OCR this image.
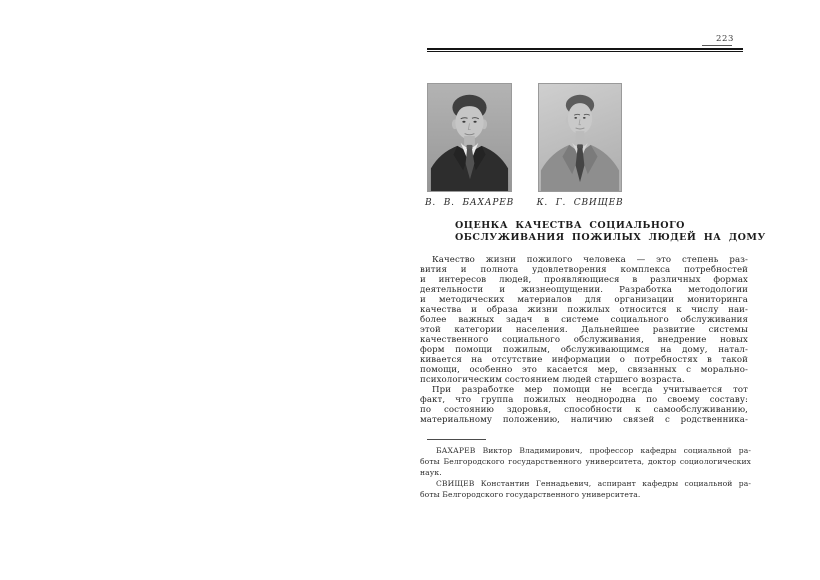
223
В. В. БАХАРЕВ	К. Г. СВИЩЕВ
ОЦЕНКА КАЧЕСТВА СОЦИАЛЬНОГО
ОБСЛУЖИВАНИЯ ПОЖИЛЫХ ЛЮДЕЙ НА ДОМУ
Качество жизни пожилого человека — это степень раз-
вития и полнота удовлетворения комплекса потребностей
и интересов людей, проявляющиеся в различных формах
деятельности и жизнеощущении. Разработка методологии
и методических материалов для организации мониторинга
качества и образа жизни пожилых относится к числу наи-
более важных задач в системе социального обслуживания
этой категории населения. Дальнейшее развитие системы
качественного социального обслуживания, внедрение новых
форм помощи пожилым, обслуживающимся на дому, натал-
кивается на отсутствие информации о потребностях в такой
помощи, особенно это касается мер, связанных с морально-
психологическим состоянием людей старшего возраста.
При разработке мер помощи не всегда учитывается тот
факт, что группа пожилых неоднородна по своему составу:
по состоянию здоровья, способности к самообслуживанию,
материальному положению, наличию связей с родственника-
БАХАРЕВ Виктор Владимирович, профессор кафедры социальной ра-
боты Белгородского государственного университета, доктор социологических
наук.
СВИЩЕВ Константин Геннадьевич, аспирант кафедры социальной ра-
боты Белгородского государственного университета.
